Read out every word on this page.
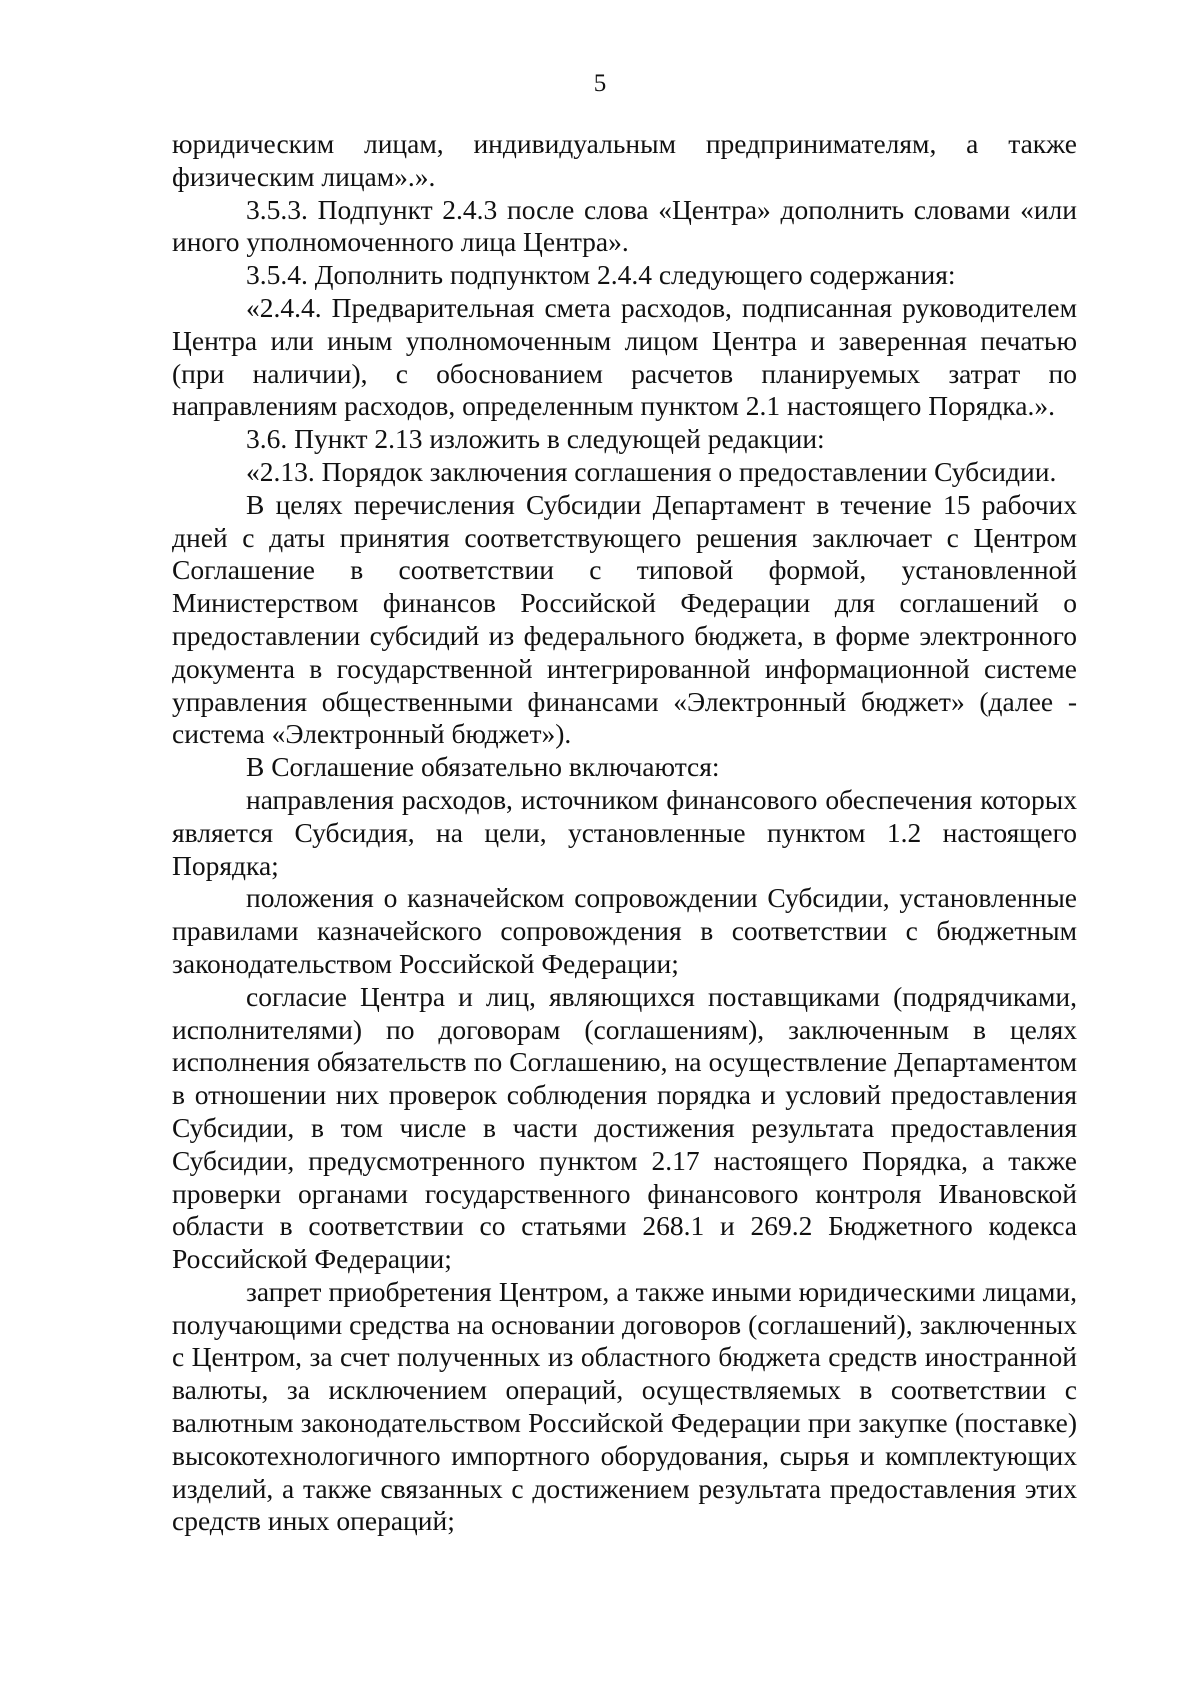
5

юридическим лицам, индивидуальным предпринимателям, а также физическим лицам».».

3.5.3. Подпункт 2.4.3 после слова «Центра» дополнить словами «или иного уполномоченного лица Центра».

3.5.4. Дополнить подпунктом 2.4.4 следующего содержания:

«2.4.4. Предварительная смета расходов, подписанная руководителем Центра или иным уполномоченным лицом Центра и заверенная печатью (при наличии), с обоснованием расчетов планируемых затрат по направлениям расходов, определенным пунктом 2.1 настоящего Порядка.».

3.6. Пункт 2.13 изложить в следующей редакции:

«2.13. Порядок заключения соглашения о предоставлении Субсидии.

В целях перечисления Субсидии Департамент в течение 15 рабочих дней с даты принятия соответствующего решения заключает с Центром Соглашение в соответствии с типовой формой, установленной Министерством финансов Российской Федерации для соглашений о предоставлении субсидий из федерального бюджета, в форме электронного документа в государственной интегрированной информационной системе управления общественными финансами «Электронный бюджет» (далее - система «Электронный бюджет»).

В Соглашение обязательно включаются:

направления расходов, источником финансового обеспечения которых является Субсидия, на цели, установленные пунктом 1.2 настоящего Порядка;

положения о казначейском сопровождении Субсидии, установленные правилами казначейского сопровождения в соответствии с бюджетным законодательством Российской Федерации;

согласие Центра и лиц, являющихся поставщиками (подрядчиками, исполнителями) по договорам (соглашениям), заключенным в целях исполнения обязательств по Соглашению, на осуществление Департаментом в отношении них проверок соблюдения порядка и условий предоставления Субсидии, в том числе в части достижения результата предоставления Субсидии, предусмотренного пунктом 2.17 настоящего Порядка, а также проверки органами государственного финансового контроля Ивановской области в соответствии со статьями 268.1 и 269.2 Бюджетного кодекса Российской Федерации;

запрет приобретения Центром, а также иными юридическими лицами, получающими средства на основании договоров (соглашений), заключенных с Центром, за счет полученных из областного бюджета средств иностранной валюты, за исключением операций, осуществляемых в соответствии с валютным законодательством Российской Федерации при закупке (поставке) высокотехнологичного импортного оборудования, сырья и комплектующих изделий, а также связанных с достижением результата предоставления этих средств иных операций;
